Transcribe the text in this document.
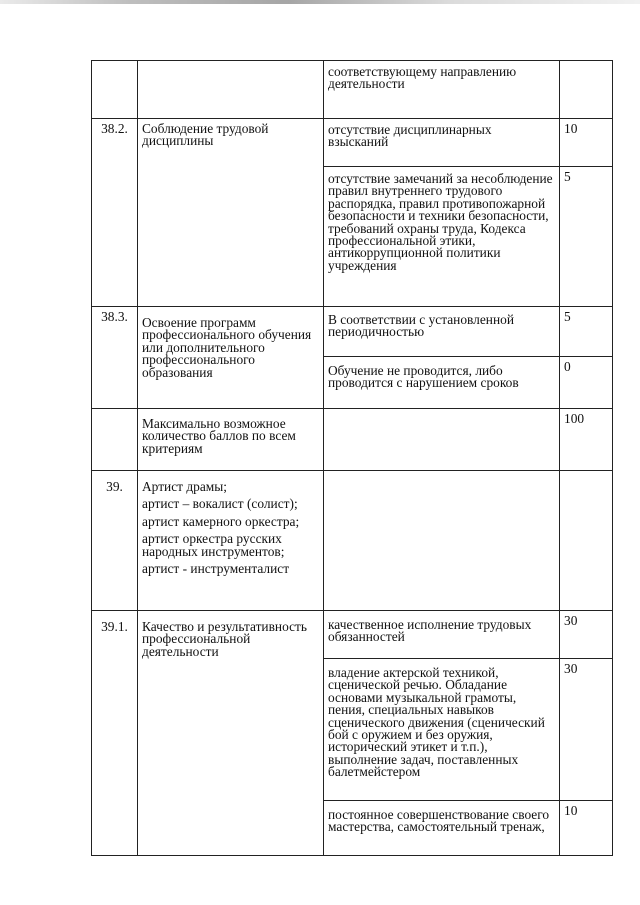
		соответствующему направлению деятельности	
38.2.	Соблюдение трудовой дисциплины	отсутствие дисциплинарных взысканий	10
		отсутствие замечаний за несоблюдение правил внутреннего трудового распорядка, правил противопожарной безопасности и техники безопасности, требований охраны труда, Кодекса профессиональной этики, антикоррупционной политики учреждения	5
38.3.	Освоение программ профессионального обучения или дополнительного профессионального образования	В соответствии с установленной периодичностью	5
		Обучение не проводится, либо проводится с нарушением сроков	0
	Максимально возможное количество баллов по всем критериям		100
39.	Артист драмы;
артист – вокалист (солист);
артист камерного оркестра;
артист оркестра русских народных инструментов;
артист - инструменталист		

39.1.	Качество и результативность профессиональной деятельности	качественное исполнение трудовых обязанностей	30
		владение актерской техникой, сценической речью. Обладание основами музыкальной грамоты, пения, специальных навыков сценического движения (сценический бой с оружием и без оружия, исторический этикет и т.п.), выполнение задач, поставленных балетмейстером	30
		постоянное совершенствование своего мастерства, самостоятельный тренаж,	10
